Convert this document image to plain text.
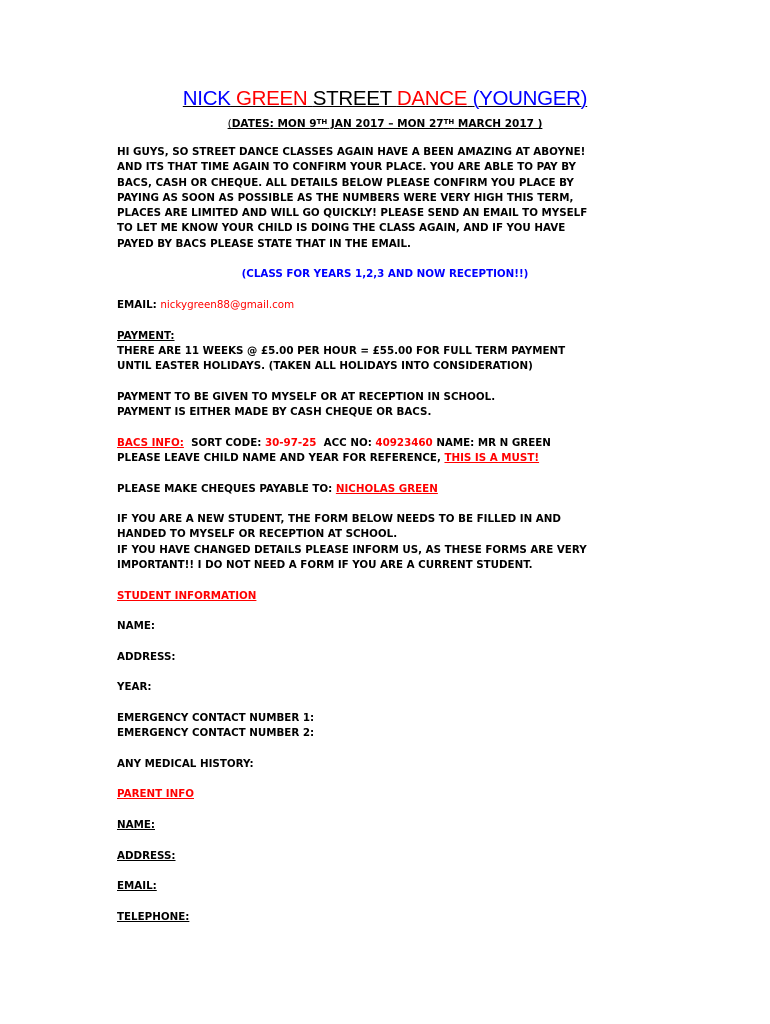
NICK GREEN STREET DANCE (YOUNGER)
(DATES: MON 9TH JAN 2017 – MON 27TH MARCH 2017 )

HI GUYS, SO STREET DANCE CLASSES AGAIN HAVE A BEEN AMAZING AT ABOYNE!

AND ITS THAT TIME AGAIN TO CONFIRM YOUR PLACE. YOU ARE ABLE TO PAY BY

BACS, CASH OR CHEQUE. ALL DETAILS BELOW PLEASE CONFIRM YOU PLACE BY

PAYING AS SOON AS POSSIBLE AS THE NUMBERS WERE VERY HIGH THIS TERM,

PLACES ARE LIMITED AND WILL GO QUICKLY! PLEASE SEND AN EMAIL TO MYSELF

TO LET ME KNOW YOUR CHILD IS DOING THE CLASS AGAIN, AND IF YOU HAVE

PAYED BY BACS PLEASE STATE THAT IN THE EMAIL.

(CLASS FOR YEARS 1,2,3 AND NOW RECEPTION!!)

EMAIL: nickygreen88@gmail.com

PAYMENT:

THERE ARE 11 WEEKS @ £5.00 PER HOUR = £55.00 FOR FULL TERM PAYMENT

UNTIL EASTER HOLIDAYS. (TAKEN ALL HOLIDAYS INTO CONSIDERATION)

PAYMENT TO BE GIVEN TO MYSELF OR AT RECEPTION IN SCHOOL.

PAYMENT IS EITHER MADE BY CASH CHEQUE OR BACS.

BACS INFO:  SORT CODE: 30-97-25  ACC NO: 40923460 NAME: MR N GREEN

PLEASE LEAVE CHILD NAME AND YEAR FOR REFERENCE, THIS IS A MUST!

PLEASE MAKE CHEQUES PAYABLE TO: NICHOLAS GREEN

IF YOU ARE A NEW STUDENT, THE FORM BELOW NEEDS TO BE FILLED IN AND

HANDED TO MYSELF OR RECEPTION AT SCHOOL.

IF YOU HAVE CHANGED DETAILS PLEASE INFORM US, AS THESE FORMS ARE VERY

IMPORTANT!! I DO NOT NEED A FORM IF YOU ARE A CURRENT STUDENT.

STUDENT INFORMATION

NAME:

ADDRESS:

YEAR:

EMERGENCY CONTACT NUMBER 1:

EMERGENCY CONTACT NUMBER 2:

ANY MEDICAL HISTORY:

PARENT INFO

NAME:

ADDRESS:

EMAIL:

TELEPHONE:
